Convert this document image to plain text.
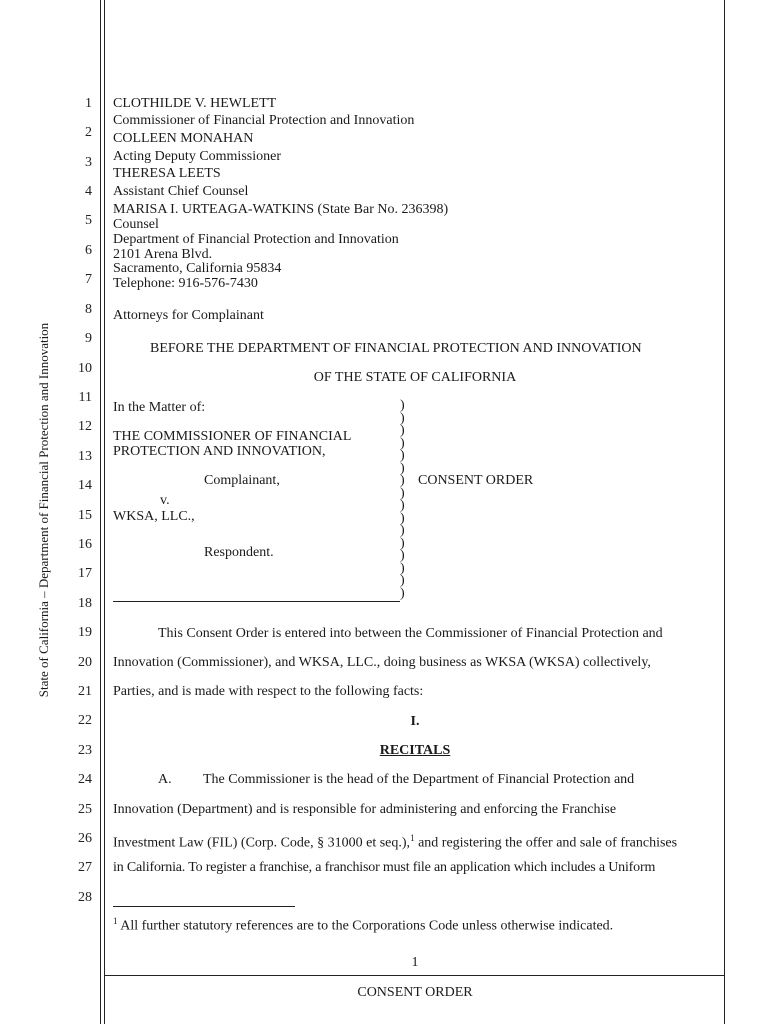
State of California – Department of Financial Protection and Innovation
1
2
3
4
5
6
7
8
9
10
11
12
13
14
15
16
17
18
19
20
21
22
23
24
25
26
27
28
CLOTHILDE V. HEWLETT
Commissioner of Financial Protection and Innovation
COLLEEN MONAHAN
Acting Deputy Commissioner
THERESA LEETS
Assistant Chief Counsel
MARISA I. URTEAGA-WATKINS (State Bar No. 236398)
Counsel
Department of Financial Protection and Innovation
2101 Arena Blvd.
Sacramento, California 95834
Telephone: 916-576-7430
Attorneys for Complainant
BEFORE THE DEPARTMENT OF FINANCIAL PROTECTION AND INNOVATION
OF THE STATE OF CALIFORNIA
In the Matter of:
THE COMMISSIONER OF FINANCIAL
PROTECTION AND INNOVATION,
Complainant,
v.
WKSA, LLC.,
Respondent.
)
)
)
)
)
)
)
)
)
)
)
)
)
)
)
)
CONSENT ORDER
This Consent Order is entered into between the Commissioner of Financial Protection and
Innovation (Commissioner), and WKSA, LLC., doing business as WKSA (WKSA) collectively,
Parties, and is made with respect to the following facts:
I.
RECITALS
A. The Commissioner is the head of the Department of Financial Protection and
Innovation (Department) and is responsible for administering and enforcing the Franchise
Investment Law (FIL) (Corp. Code, § 31000 et seq.),$^1$ and registering the offer and sale of franchises
in California. To register a franchise, a franchisor must file an application which includes a Uniform
$^1$ All further statutory references are to the Corporations Code unless otherwise indicated.
1
CONSENT ORDER
